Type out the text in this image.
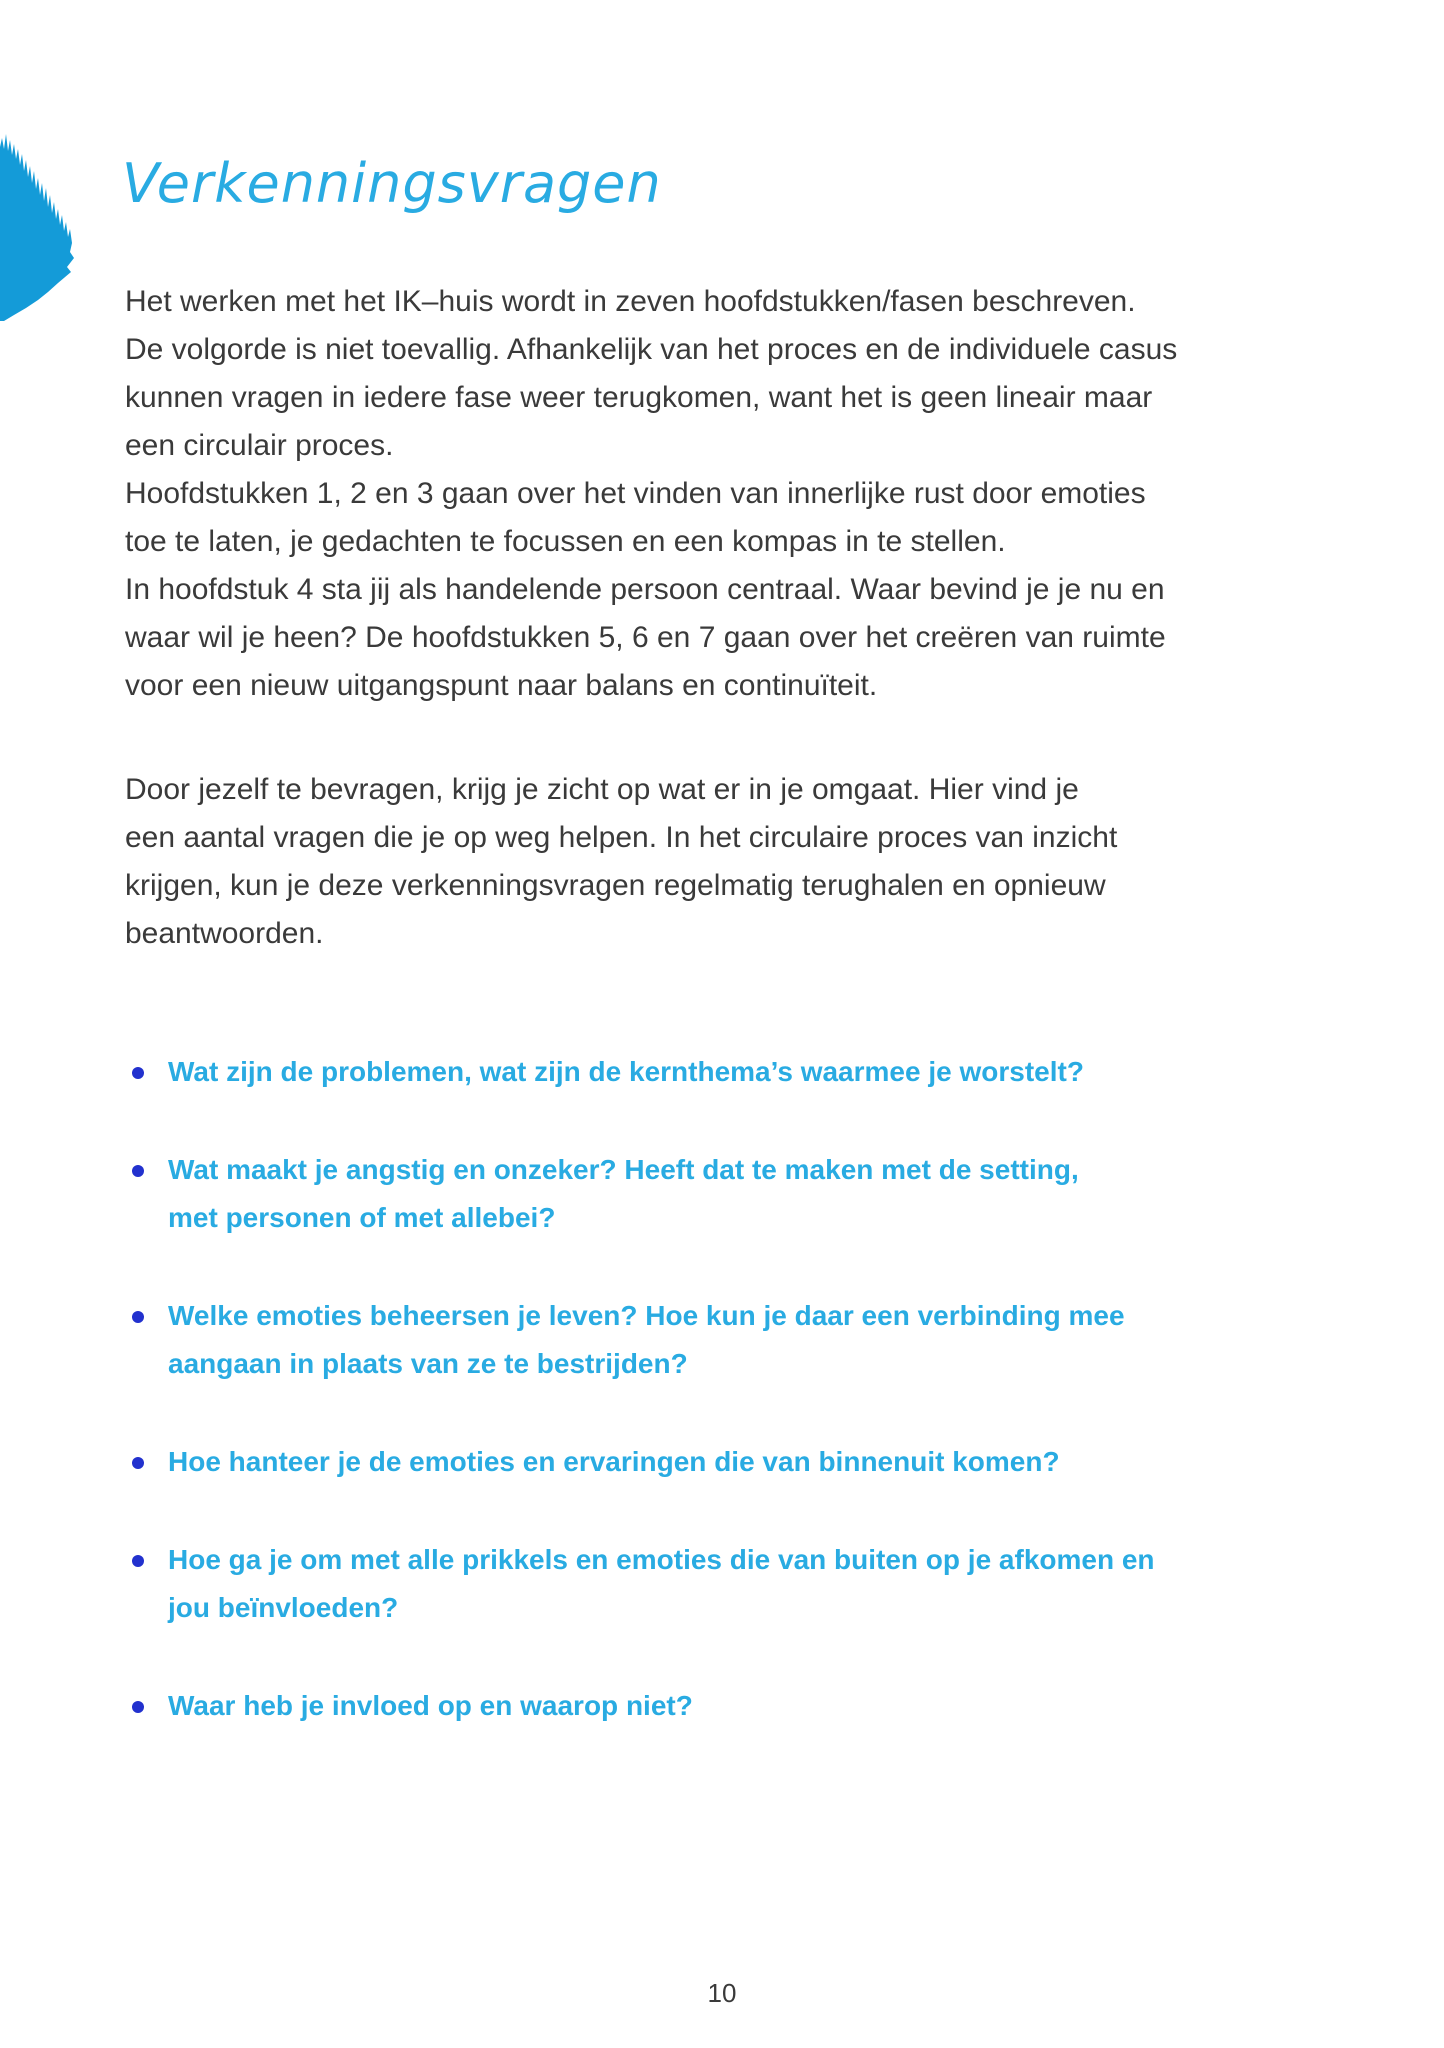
Verkenningsvragen
Het werken met het IK–huis wordt in zeven hoofdstukken/fasen beschreven.
De volgorde is niet toevallig. Afhankelijk van het proces en de individuele casus
kunnen vragen in iedere fase weer terugkomen, want het is geen lineair maar
een circulair proces.
Hoofdstukken 1, 2 en 3 gaan over het vinden van innerlijke rust door emoties
toe te laten, je gedachten te focussen en een kompas in te stellen.
In hoofdstuk 4 sta jij als handelende persoon centraal. Waar bevind je je nu en
waar wil je heen? De hoofdstukken 5, 6 en 7 gaan over het creëren van ruimte
voor een nieuw uitgangspunt naar balans en continuïteit.
Door jezelf te bevragen, krijg je zicht op wat er in je omgaat. Hier vind je
een aantal vragen die je op weg helpen. In het circulaire proces van inzicht
krijgen, kun je deze verkenningsvragen regelmatig terughalen en opnieuw
beantwoorden.
Wat zijn de problemen, wat zijn de kernthema’s waarmee je worstelt?
Wat maakt je angstig en onzeker? Heeft dat te maken met de setting,
met personen of met allebei?
Welke emoties beheersen je leven? Hoe kun je daar een verbinding mee
aangaan in plaats van ze te bestrijden?
Hoe hanteer je de emoties en ervaringen die van binnenuit komen?
Hoe ga je om met alle prikkels en emoties die van buiten op je afkomen en
jou beïnvloeden?
Waar heb je invloed op en waarop niet?
10
